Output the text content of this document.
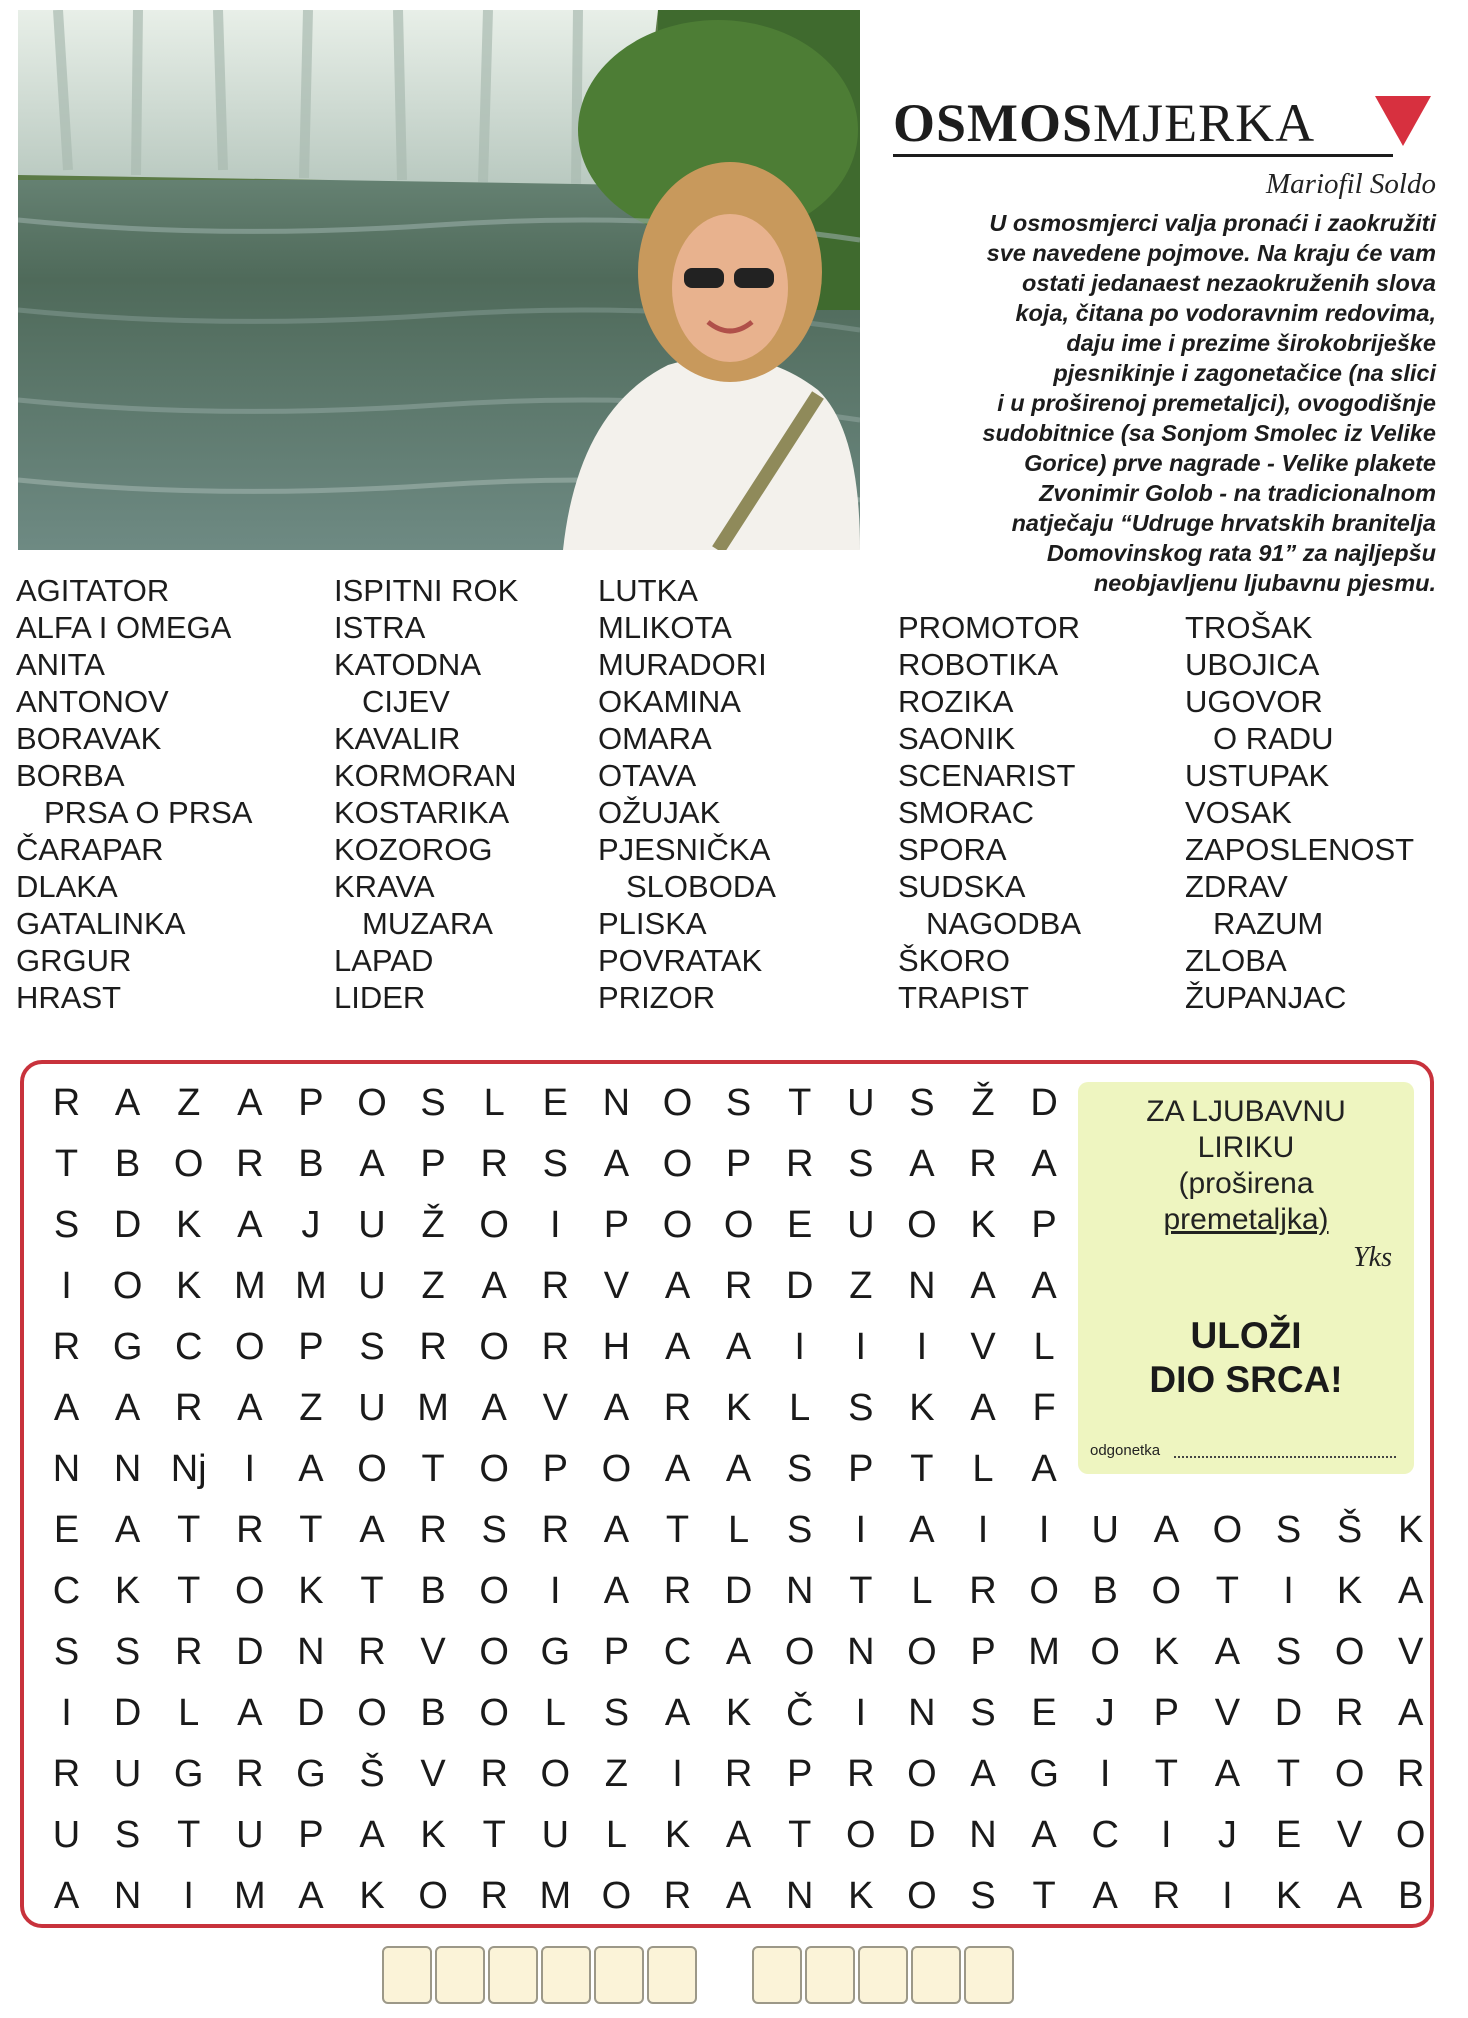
OSMOSMJERKA
Mariofil Soldo
U osmosmjerci valja pronaći i zaokružiti
sve navedene pojmove. Na kraju će vam
ostati jedanaest nezaokruženih slova
koja, čitana po vodoravnim redovima,
daju ime i prezime širokobriješke
pjesnikinje i zagonetačice (na slici
i u proširenoj premetaljci), ovogodišnje
sudobitnice (sa Sonjom Smolec iz Velike
Gorice) prve nagrade - Velike plakete
Zvonimir Golob - na tradicionalnom
natječaju “Udruge hrvatskih branitelja
Domovinskog rata 91” za najljepšu
neobjavljenu ljubavnu pjesmu.
AGITATOR
ALFA I OMEGA
ANITA
ANTONOV
BORAVAK
BORBA
PRSA O PRSA
ČARAPAR
DLAKA
GATALINKA
GRGUR
HRAST
ISPITNI ROK
ISTRA
KATODNA
CIJEV
KAVALIR
KORMORAN
KOSTARIKA
KOZOROG
KRAVA
MUZARA
LAPAD
LIDER
LUTKA
MLIKOTA
MURADORI
OKAMINA
OMARA
OTAVA
OŽUJAK
PJESNIČKA
SLOBODA
PLISKA
POVRATAK
PRIZOR
PROMOTOR
ROBOTIKA
ROZIKA
SAONIK
SCENARIST
SMORAC
SPORA
SUDSKA
NAGODBA
ŠKORO
TRAPIST
TROŠAK
UBOJICA
UGOVOR
O RADU
USTUPAK
VOSAK
ZAPOSLENOST
ZDRAV
RAZUM
ZLOBA
ŽUPANJAC
R A Z A P O S L E N O S T U S Ž D
T B O R B A P R S A O P R S A R A
S D K A	J U Ž O	I	P O O E U O K P
I	O K M M U Z A R V A R D Z N A A
R G C O P S R O R H A A	I	I	I	V L
A A R A Z U M A V A R K L S K A F
N N Nj I	A O T O P O A A S P T	L A
E A T R T A R S R A T	L S	I	A	I	I	U A O S Š K
C K T O K T B O	I	A R D N T	L R O B O T	I	K A
S S R D N R V O G P C A O N O P M O K A S O V
I	D L A D O B O L S A K Č	I	N S E	J	P V D R A
R U G R G Š V R O Z	I	R P R O A G	I	T A T O R
U S T U P A K T U L K A T O D N A C	I	J	E V O
A N	I	M A K O R M O R A N K O S T A R	I	K A B
ZA LJUBAVNU
LIRIKU
(proširena
premetaljka)
Yks
ULOŽI
DIO SRCA!
odgonetka
